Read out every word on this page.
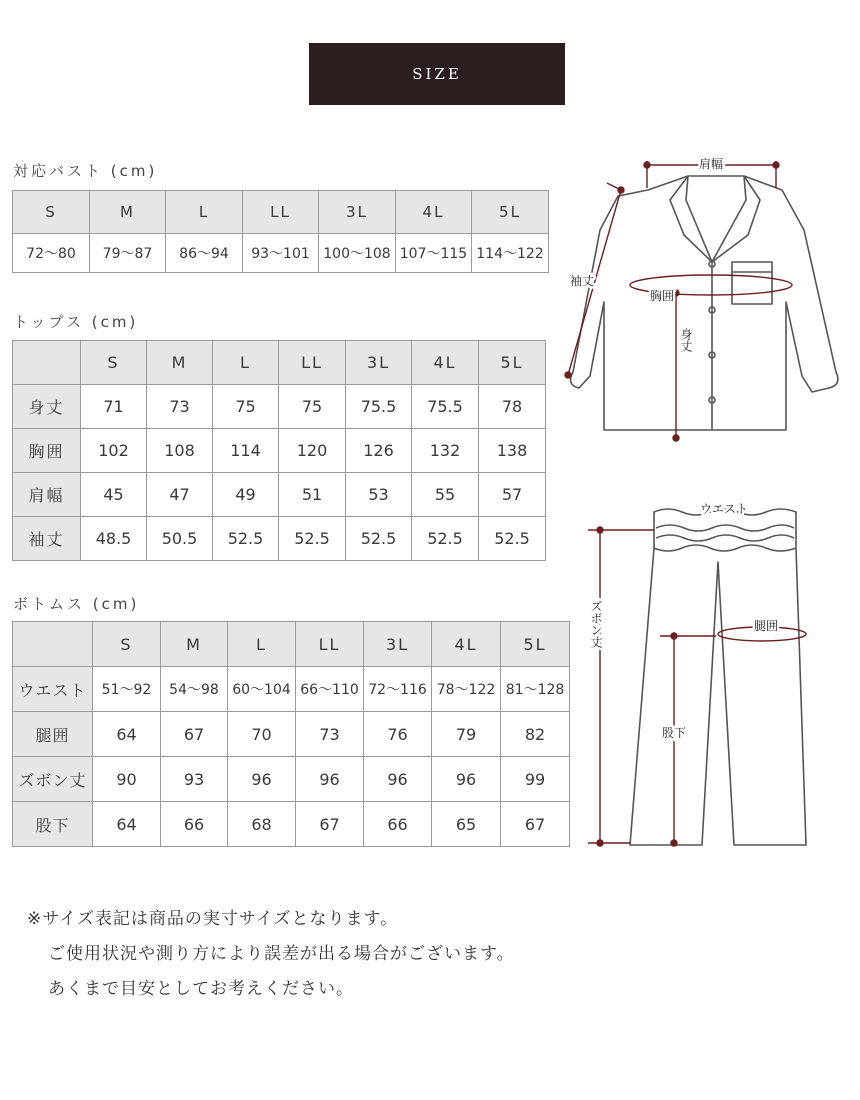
SIZE
対応バスト (cm)
S	M	L	LL	3L	4L	5L
72〜80	79〜87	86〜94	93〜101	100〜108	107〜115	114〜122
トップス (cm)
	S	M	L	LL	3L	4L	5L
身丈	71	73	75	75	75.5	75.5	78
胸囲	102	108	114	120	126	132	138
肩幅	45	47	49	51	53	55	57
袖丈	48.5	50.5	52.5	52.5	52.5	52.5	52.5
ボトムス (cm)
	S	M	L	LL	3L	4L	5L
ウエスト	51〜92	54〜98	60〜104	66〜110	72〜116	78〜122	81〜128
腿囲	64	67	70	73	76	79	82
ズボン丈	90	93	96	96	96	96	99
股下	64	66	68	67	66	65	67
肩幅
袖丈
胸囲
身丈
ウエスト
腿囲
ズボン丈
股下
※サイズ表記は商品の実寸サイズとなります。
ご使用状況や測り方により誤差が出る場合がございます。
あくまで目安としてお考えください。
